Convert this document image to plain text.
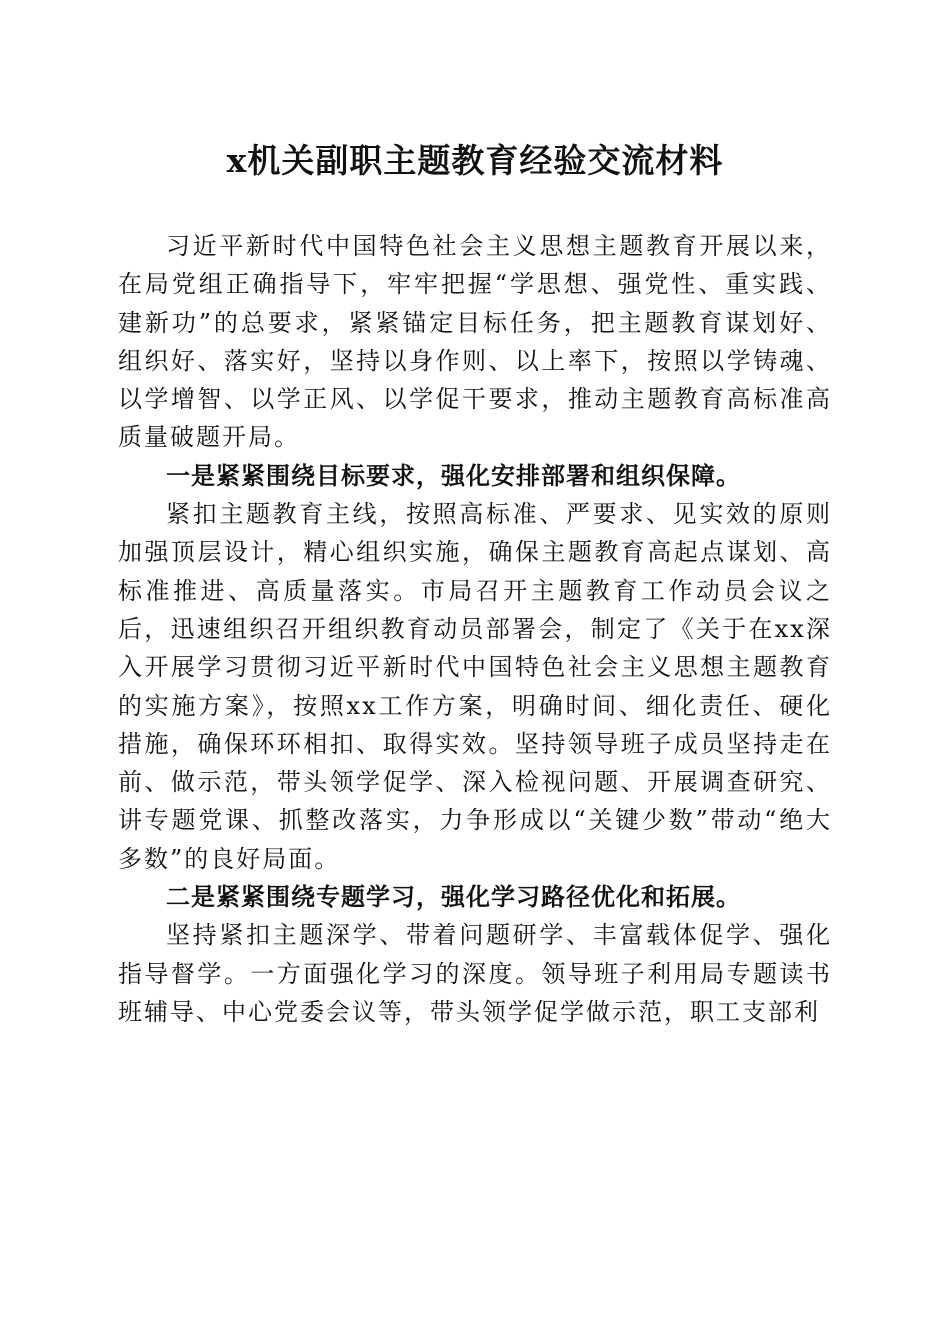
x机关副职主题教育经验交流材料

习近平新时代中国特色社会主义思想主题教育开展以来，在局党组正确指导下，牢牢把握“学思想、强党性、重实践、建新功”的总要求，紧紧锚定目标任务，把主题教育谋划好、组织好、落实好，坚持以身作则、以上率下，按照以学铸魂、以学增智、以学正风、以学促干要求，推动主题教育高标准高质量破题开局。

一是紧紧围绕目标要求，强化安排部署和组织保障。

紧扣主题教育主线，按照高标准、严要求、见实效的原则加强顶层设计，精心组织实施，确保主题教育高起点谋划、高标准推进、高质量落实。市局召开主题教育工作动员会议之后，迅速组织召开组织教育动员部署会，制定了《关于在xx深入开展学习贯彻习近平新时代中国特色社会主义思想主题教育的实施方案》，按照xx工作方案，明确时间、细化责任、硬化措施，确保环环相扣、取得实效。坚持领导班子成员坚持走在前、做示范，带头领学促学、深入检视问题、开展调查研究、讲专题党课、抓整改落实，力争形成以“关键少数”带动“绝大多数”的良好局面。

二是紧紧围绕专题学习，强化学习路径优化和拓展。

坚持紧扣主题深学、带着问题研学、丰富载体促学、强化指导督学。一方面强化学习的深度。领导班子利用局专题读书班辅导、中心党委会议等，带头领学促学做示范，职工支部利
